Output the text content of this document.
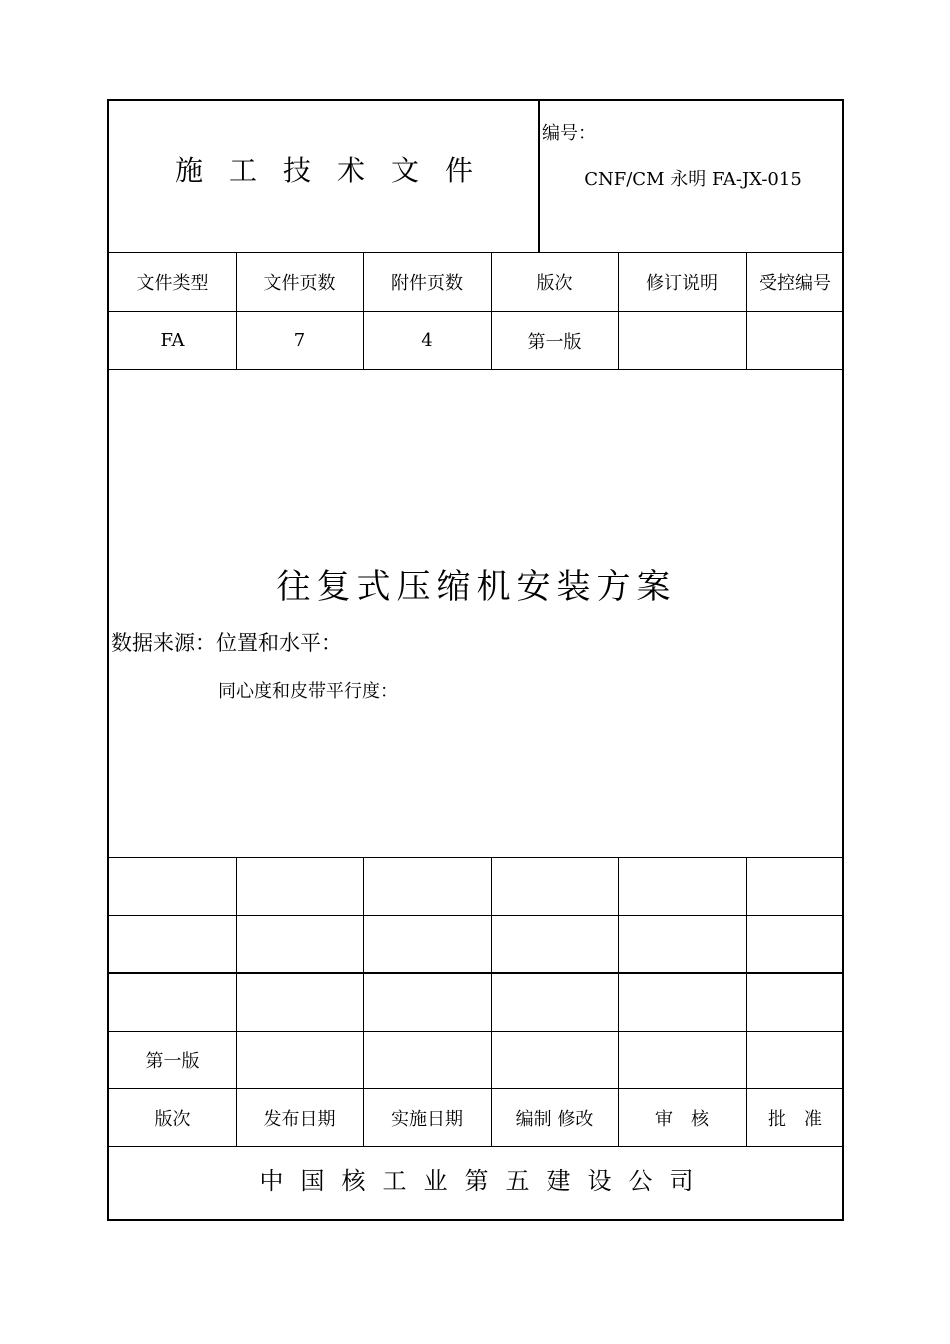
施工技术文件
编号：
CNF/CM 永明 FA-JX-015
文件类型	文件页数	附件页数	版次	修订说明	受控编号
FA	7	4	第一版
往复式压缩机安装方案
数据来源：位置和水平：
同心度和皮带平行度：
第一版
版次	发布日期	实施日期	编制 修改	审　核	批　准
中国核工业第五建设公司
